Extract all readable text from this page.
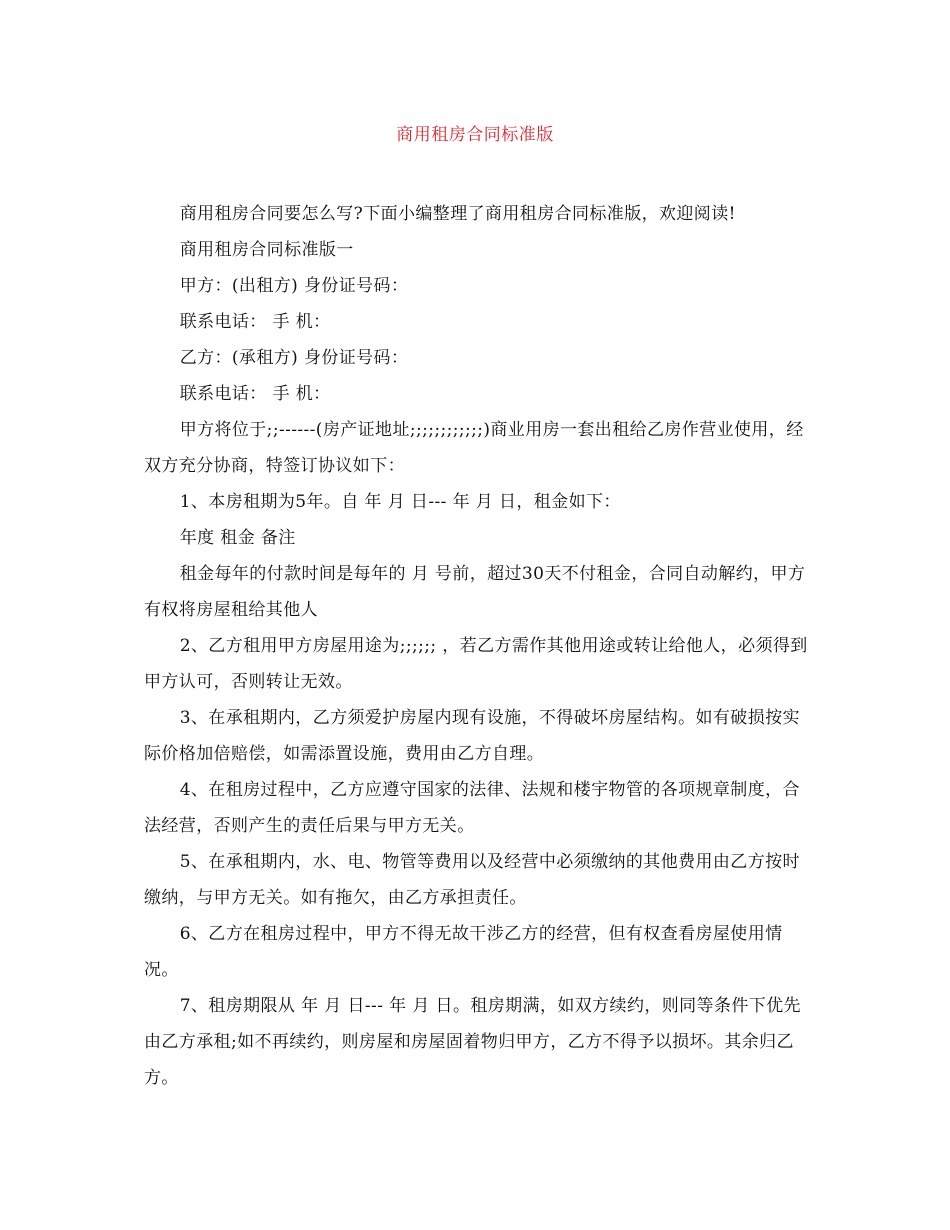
商用租房合同标准版

商用租房合同要怎么写?下面小编整理了商用租房合同标准版，欢迎阅读!

商用租房合同标准版一

甲方：(出租方) 身份证号码：

联系电话： 手 机：

乙方：(承租方) 身份证号码：

联系电话： 手 机：

甲方将位于;;------(房产证地址;;;;;;;;;;;;)商业用房一套出租给乙房作营业使用，经双方充分协商，特签订协议如下：

1、本房租期为5年。自 年 月 日--- 年 月 日，租金如下：

年度 租金 备注

租金每年的付款时间是每年的 月 号前，超过30天不付租金，合同自动解约，甲方有权将房屋租给其他人

2、乙方租用甲方房屋用途为;;;;;; ，若乙方需作其他用途或转让给他人，必须得到甲方认可，否则转让无效。

3、在承租期内，乙方须爱护房屋内现有设施，不得破坏房屋结构。如有破损按实际价格加倍赔偿，如需添置设施，费用由乙方自理。

4、在租房过程中，乙方应遵守国家的法律、法规和楼宇物管的各项规章制度，合法经营，否则产生的责任后果与甲方无关。

5、在承租期内，水、电、物管等费用以及经营中必须缴纳的其他费用由乙方按时缴纳，与甲方无关。如有拖欠，由乙方承担责任。

6、乙方在租房过程中，甲方不得无故干涉乙方的经营，但有权查看房屋使用情况。

7、租房期限从 年 月 日--- 年 月 日。租房期满，如双方续约，则同等条件下优先由乙方承租;如不再续约，则房屋和房屋固着物归甲方，乙方不得予以损坏。其余归乙方。
